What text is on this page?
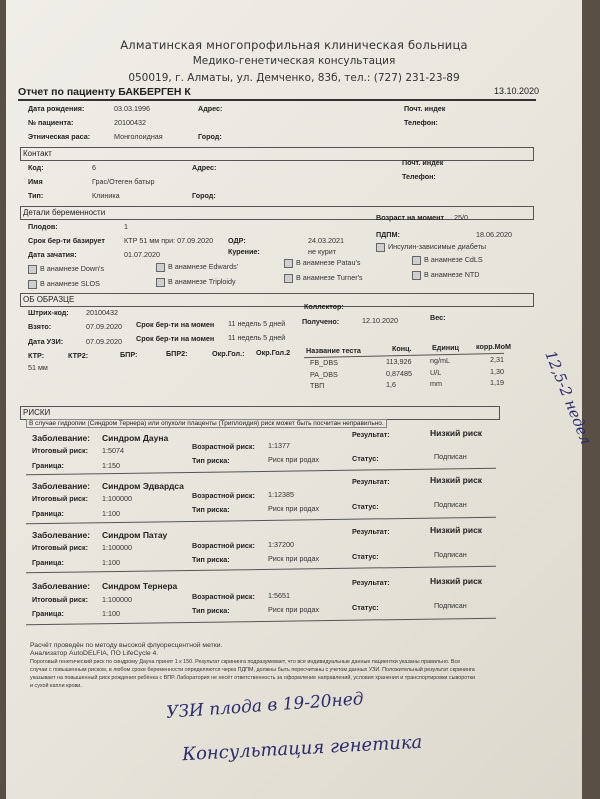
Алматинская многопрофильная клиническая больница
Медико-генетическая консультация
050019, г. Алматы, ул. Демченко, 83б, тел.: (727) 231-23-89
Отчет по пациенту БАКБЕРГЕН К	13.10.2020
Дата рождения:	03.03.1996
№ пациента:	20100432
Этническая раса:	Монголоидная
Адрес:
Город:
Почт. индек
Телефон:
Контакт
Код:	6
Имя	Грас/Отеген батыр
Тип:	Клиника
Адрес:
Город:
Почт. индек
Телефон:
Детали беременности
Плодов:	1
Возраст на момент 25/0
Срок бер-ти базирует	КТР 51 мм при: 07.09.2020 ОДР:	24.03.2021
ПДПМ:	18.06.2020
Инсулин-зависимые диабеты
Дата зачатия:	01.07.2020	Курение:	не курит
В анамнезе Down's	В анамнезе Edwards'	В анамнезе Patau's	В анамнезе CdLS
В анамнезе SLOS	В анамнезе Triploidy	В анамнезе Turner's	В анамнезе NTD
ОБ ОБРАЗЦЕ
Коллектор:
Штрих-код: 20100432
Взято:	07.09.2020 Срок бер-ти на момен 11 недель 5 дней Получено:	12.10.2020	Вес:
Дата УЗИ:	07.09.2020 Срок бер-ти на момен 11 недель 5 дней
КТР:
51 мм
КТР2:	БПР:	БПР2:	Окр.Гол.: Окр.Гол.2 Название теста	Конц.	Единиц корр.МоМ
FB_DBS	113,926	ng/mL	2,31
PA_DBS	0,87485	U/L	1,30
ТВП	1,6	mm	1,19 12,5-2 недел
РИСКИ
В случае гидропии (Синдром Тернера) или опухоли плаценты (Триплоидия) риск может быть посчитан неправильно.
Заболевание: Синдром Дауна	Результат:	Низкий риск
Итоговый риск: 1:5074	Возрастной риск: 1:1377
Граница:	1:150
Тип риска:	Риск при родах	Статус:	Подписан
Заболевание: Синдром Эдвардса	Результат:	Низкий риск
Итоговый риск: 1:100000	Возрастной риск: 1:12385
Граница:	1:100	Тип риска:	Риск при родах	Статус:	Подписан
Заболевание: Синдром Патау	Результат:	Низкий риск
Итоговый риск: 1:100000	Возрастной риск: 1:37200
Граница:	1:100	Тип риска:	Риск при родах	Статус:	Подписан
Заболевание: Синдром Тернера	Результат:	Низкий риск
Итоговый риск: 1:100000	Возрастной риск: 1:5651
Граница:	1:100	Тип риска:	Риск при родах	Статус:	Подписан
Расчёт проведён по методу высокой флуоресцентной метки.
Анализатор AutoDELFIA, ПО LifeCycle 4.
Пороговый генетический риск по синдрому Дауна принят 1 к 150. Результат скрининга подразумевает, что все индивидуальные данные пациентки указаны правильно. Все
случаи с повышенным риском, в любом сроке беременности определяются через ПДПМ, должны быть пересчитаны с учетом данных УЗИ. Положительный результат скрининга
указывает на повышенный риск рождения ребёнка с ВПР. Лаборатория не несёт ответственность за оформление направлений, условия хранения и транспортировки сыворотки
и сухой капли крови.
УЗИ плода в 19-20нед
Консультация генетика
